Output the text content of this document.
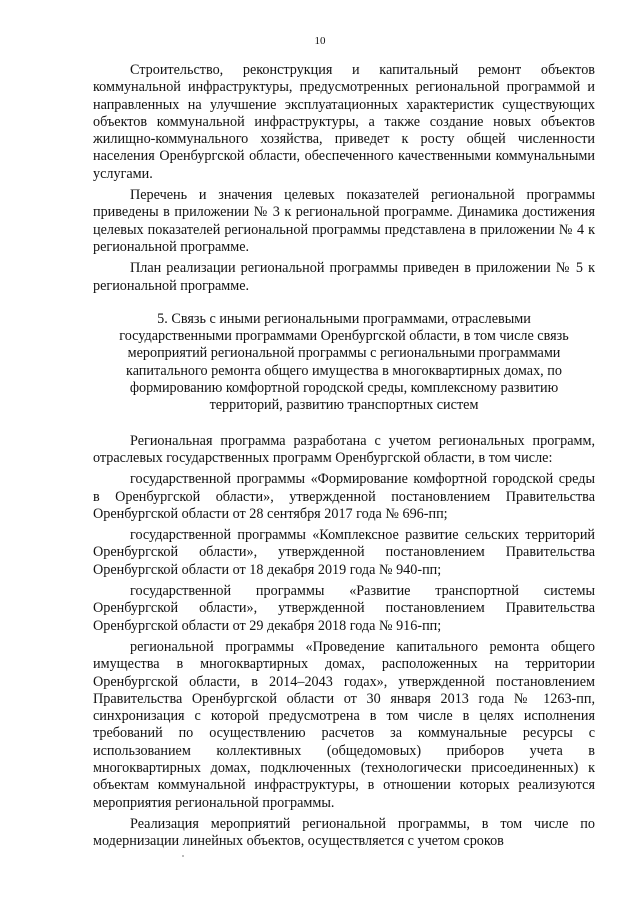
10

Строительство, реконструкция и капитальный ремонт объектов коммунальной инфраструктуры, предусмотренных региональной программой и направленных на улучшение эксплуатационных характеристик существующих объектов коммунальной инфраструктуры, а также создание новых объектов жилищно-коммунального хозяйства, приведет к росту общей численности населения Оренбургской области, обеспеченного качественными коммунальными услугами.

Перечень и значения целевых показателей региональной программы приведены в приложении № 3 к региональной программе. Динамика достижения целевых показателей региональной программы представлена в приложении № 4 к региональной программе.

План реализации региональной программы приведен в приложении № 5 к региональной программе.

5. Связь с иными региональными программами, отраслевыми
государственными программами Оренбургской области, в том числе связь
мероприятий региональной программы с региональными программами
капитального ремонта общего имущества в многоквартирных домах, по
формированию комфортной городской среды, комплексному развитию
территорий, развитию транспортных систем

Региональная программа разработана с учетом региональных программ, отраслевых государственных программ Оренбургской области, в том числе:

государственной программы «Формирование комфортной городской среды в Оренбургской области», утвержденной постановлением Правительства Оренбургской области от 28 сентября 2017 года № 696-пп;

государственной программы «Комплексное развитие сельских территорий Оренбургской области», утвержденной постановлением Правительства Оренбургской области от 18 декабря 2019 года № 940-пп;

государственной программы «Развитие транспортной системы Оренбургской области», утвержденной постановлением Правительства Оренбургской области от 29 декабря 2018 года № 916-пп;

региональной программы «Проведение капитального ремонта общего имущества в многоквартирных домах, расположенных на территории Оренбургской области, в 2014–2043 годах», утвержденной постановлением Правительства Оренбургской области от 30 января 2013 года № 1263-пп, синхронизация с которой предусмотрена в том числе в целях исполнения требований по осуществлению расчетов за коммунальные ресурсы с использованием коллективных (общедомовых) приборов учета в многоквартирных домах, подключенных (технологически присоединенных) к объектам коммунальной инфраструктуры, в отношении которых реализуются мероприятия региональной программы.

Реализация мероприятий региональной программы, в том числе по модернизации линейных объектов, осуществляется с учетом сроков
